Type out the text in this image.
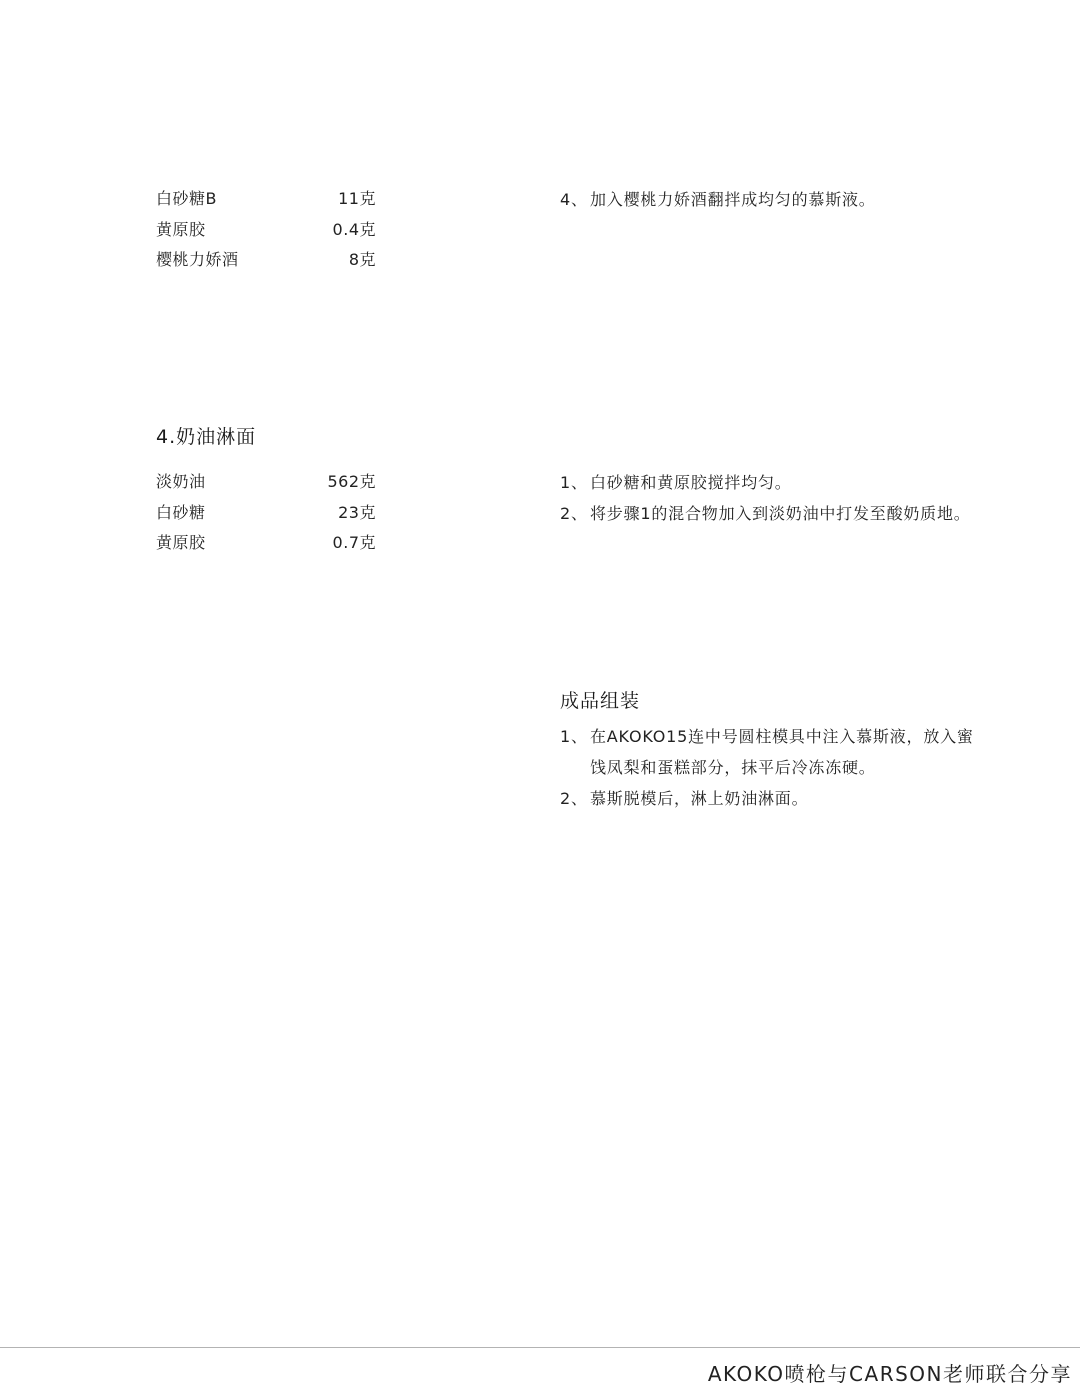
白砂糖B	11克
黄原胶	0.4克
樱桃力娇酒	8克
4、 加入樱桃力娇酒翻拌成均匀的慕斯液。
4.奶油淋面
淡奶油	562克
白砂糖	23克
黄原胶	0.7克
1、 白砂糖和黄原胶搅拌均匀。
2、 将步骤1的混合物加入到淡奶油中打发至酸奶质地。
成品组装
1、 在AKOKO15连中号圆柱模具中注入慕斯液，放入蜜饯凤梨和蛋糕部分，抹平后冷冻冻硬。
2、 慕斯脱模后，淋上奶油淋面。
AKOKO喷枪与CARSON老师联合分享
